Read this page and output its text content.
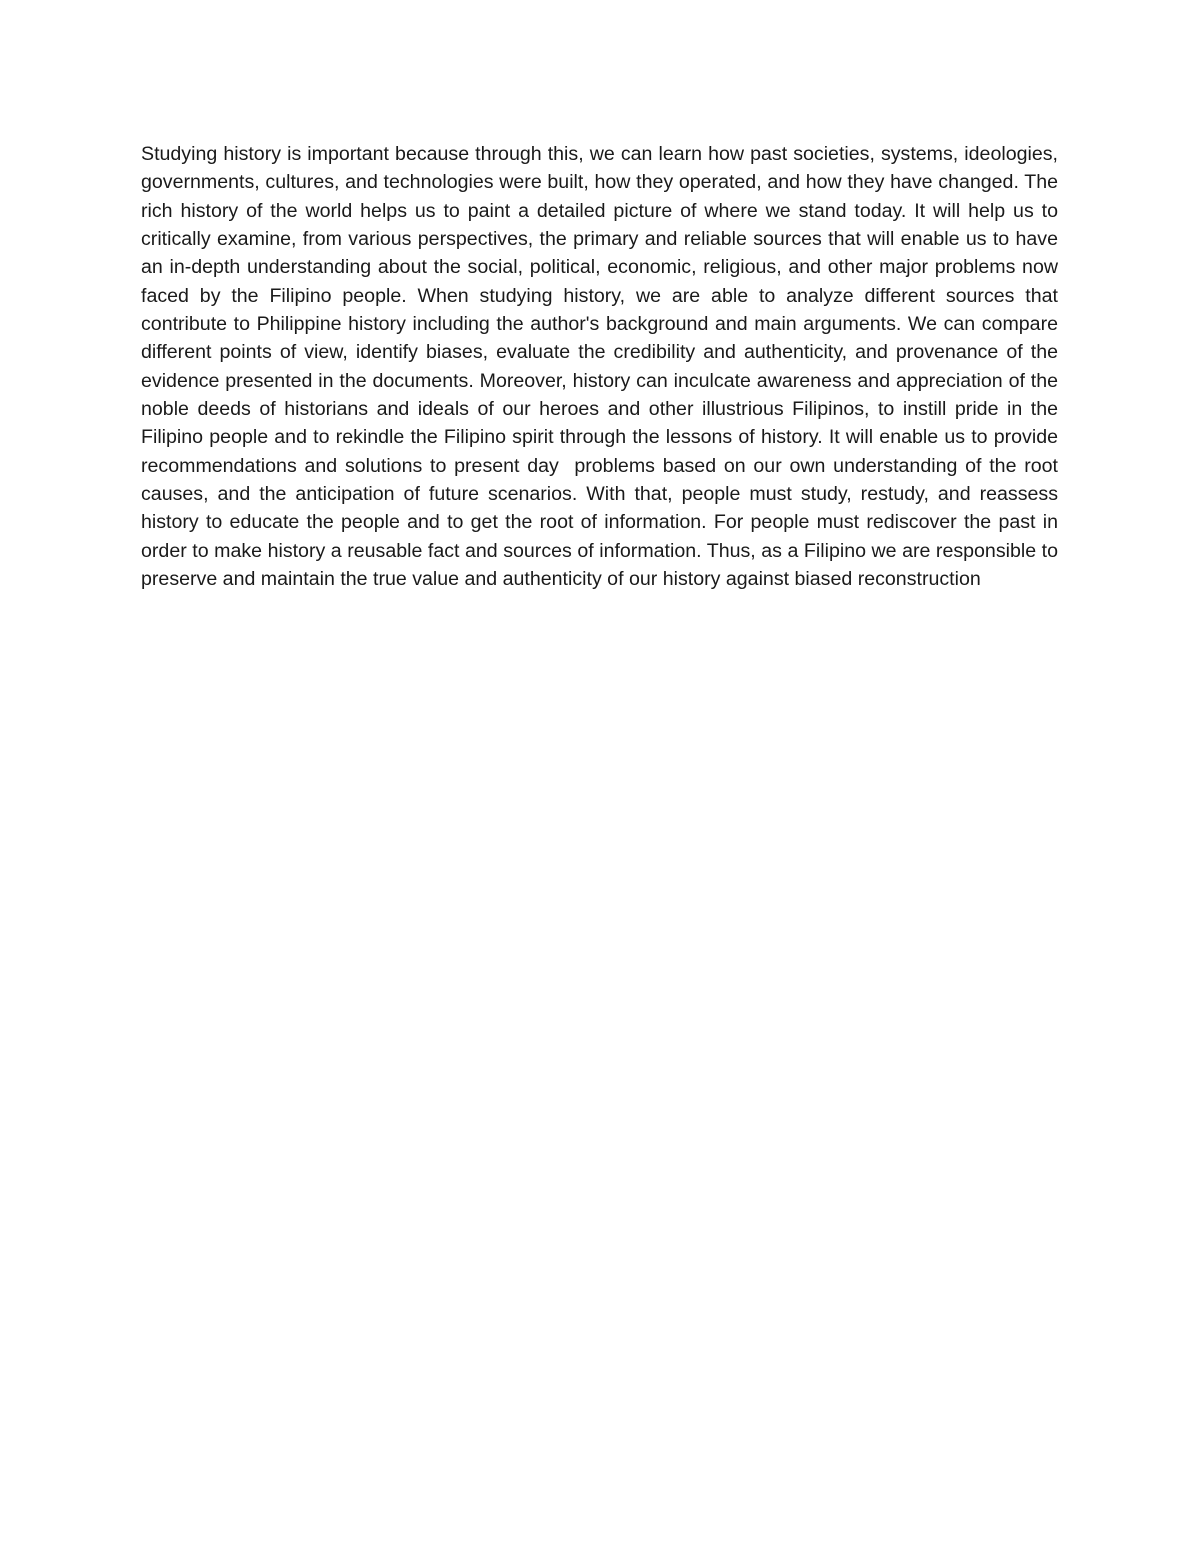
Studying history is important because through this, we can learn how past societies, systems, ideologies, governments, cultures, and technologies were built, how they operated, and how they have changed. The rich history of the world helps us to paint a detailed picture of where we stand today. It will help us to critically examine, from various perspectives, the primary and reliable sources that will enable us to have an in-depth understanding about the social, political, economic, religious, and other major problems now faced by the Filipino people. When studying history, we are able to analyze different sources that contribute to Philippine history including the author's background and main arguments. We can compare different points of view, identify biases, evaluate the credibility and authenticity, and provenance of the evidence presented in the documents. Moreover, history can inculcate awareness and appreciation of the noble deeds of historians and ideals of our heroes and other illustrious Filipinos, to instill pride in the Filipino people and to rekindle the Filipino spirit through the lessons of history. It will enable us to provide recommendations and solutions to present day  problems based on our own understanding of the root causes, and the anticipation of future scenarios. With that, people must study, restudy, and reassess history to educate the people and to get the root of information. For people must rediscover the past in order to make history a reusable fact and sources of information. Thus, as a Filipino we are responsible to preserve and maintain the true value and authenticity of our history against biased reconstruction
